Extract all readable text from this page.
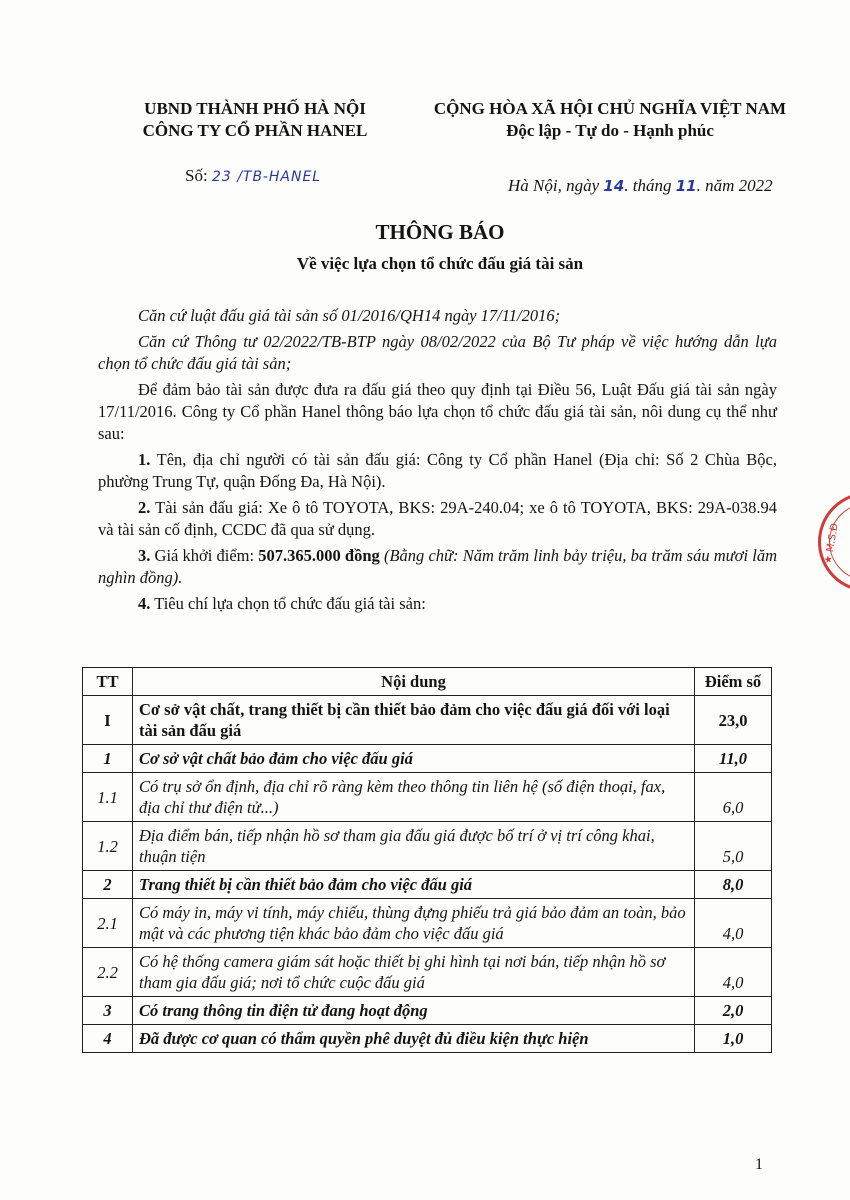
UBND THÀNH PHỐ HÀ NỘI
CÔNG TY CỔ PHẦN HANEL
CỘNG HÒA XÃ HỘI CHỦ NGHĨA VIỆT NAM
Độc lập - Tự do - Hạnh phúc
Số: 23 /TB-HANEL	Hà Nội, ngày 14. tháng 11. năm 2022
THÔNG BÁO
Về việc lựa chọn tổ chức đấu giá tài sản

Căn cứ luật đấu giá tài sản số 01/2016/QH14 ngày 17/11/2016;

Căn cứ Thông tư 02/2022/TB-BTP ngày 08/02/2022 của Bộ Tư pháp về việc hướng dẫn lựa chọn tổ chức đấu giá tài sản;

Để đảm bảo tài sản được đưa ra đấu giá theo quy định tại Điều 56, Luật Đấu giá tài sản ngày 17/11/2016. Công ty Cổ phần Hanel thông báo lựa chọn tổ chức đấu giá tài sản, nôi dung cụ thể như sau:

1. Tên, địa chỉ người có tài sản đấu giá: Công ty Cổ phần Hanel (Địa chỉ: Số 2 Chùa Bộc, phường Trung Tự, quận Đống Đa, Hà Nội).

2. Tài sản đấu giá: Xe ô tô TOYOTA, BKS: 29A-240.04; xe ô tô TOYOTA, BKS: 29A-038.94 và tài sản cố định, CCDC đã qua sử dụng.

3. Giá khởi điểm: 507.365.000 đồng (Bằng chữ: Năm trăm linh bảy triệu, ba trăm sáu mươi lăm nghìn đồng).

4. Tiêu chí lựa chọn tổ chức đấu giá tài sản:

TT	Nội dung	Điểm số
I	Cơ sở vật chất, trang thiết bị cần thiết bảo đảm cho việc đấu giá đối với loại tài sản đấu giá	23,0
1	Cơ sở vật chất bảo đảm cho việc đấu giá	11,0
1.1	Có trụ sở ổn định, địa chỉ rõ ràng kèm theo thông tin liên hệ (số điện thoại, fax, địa chỉ thư điện tử...)	6,0
1.2	Địa điểm bán, tiếp nhận hồ sơ tham gia đấu giá được bố trí ở vị trí công khai, thuận tiện	5,0
2	Trang thiết bị cần thiết bảo đảm cho việc đấu giá	8,0
2.1	Có máy in, máy vi tính, máy chiếu, thùng đựng phiếu trả giá bảo đảm an toàn, bảo mật và các phương tiện khác bảo đảm cho việc đấu giá	4,0
2.2	Có hệ thống camera giám sát hoặc thiết bị ghi hình tại nơi bán, tiếp nhận hồ sơ tham gia đấu giá; nơi tổ chức cuộc đấu giá	4,0
3	Có trang thông tin điện tử đang hoạt động	2,0
4	Đã được cơ quan có thẩm quyền phê duyệt đủ điều kiện thực hiện	1,0
★ M.S.Đ
1
